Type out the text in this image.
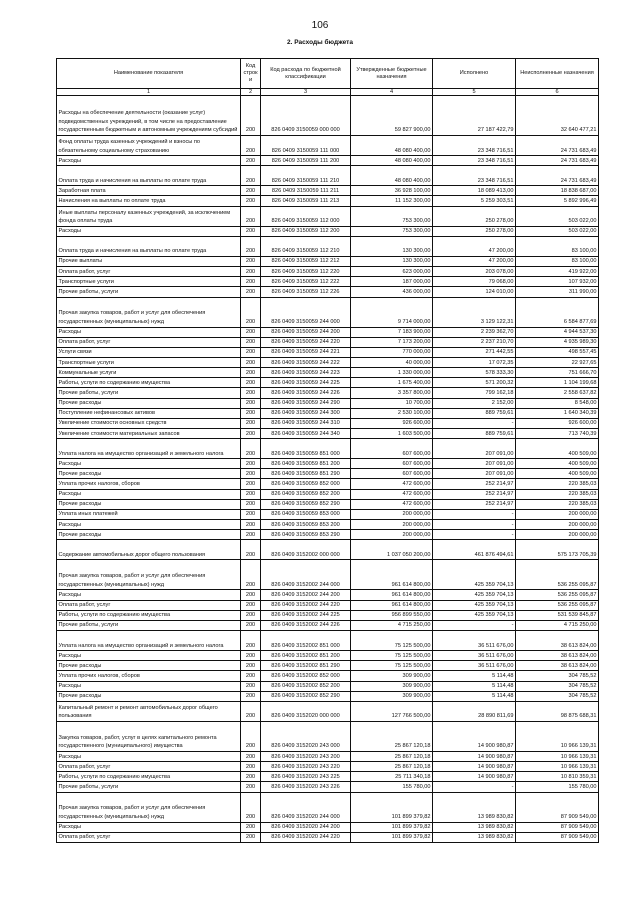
106
2. Расходы бюджета
Наименование показателя	Код строк и	Код расхода по бюджетной классификации	Утвержденные бюджетные назначения	Исполнено	Неисполненные назначения
1	2	3	4	5	6
Расходы на обеспечение деятельности (оказание услуг) подведомственных учреждений, в том числе на предоставление государственным бюджетным и автономным учреждениям субсидий	200	826 0409 3150059 000 000	59 827 900,00	27 187 422,79	32 640 477,21
Фонд оплаты труда казенных учреждений и взносы по обязательному социальному страхованию	200	826 0409 3150059 111 000	48 080 400,00	23 348 716,51	24 731 683,49
Расходы	200	826 0409 3150059 111 200	48 080 400,00	23 348 716,51	24 731 683,49
Оплата труда и начисления на выплаты по оплате труда	200	826 0409 3150059 111 210	48 080 400,00	23 348 716,51	24 731 683,49
Заработная плата	200	826 0409 3150059 111 211	36 928 100,00	18 089 413,00	18 838 687,00
Начисления на выплаты по оплате труда	200	826 0409 3150059 111 213	11 152 300,00	5 259 303,51	5 892 996,49
Иные выплаты персоналу казенных учреждений, за исключением фонда оплаты труда	200	826 0409 3150059 112 000	753 300,00	250 278,00	503 022,00
Расходы	200	826 0409 3150059 112 200	753 300,00	250 278,00	503 022,00
Оплата труда и начисления на выплаты по оплате труда	200	826 0409 3150059 112 210	130 300,00	47 200,00	83 100,00
Прочие выплаты	200	826 0409 3150059 112 212	130 300,00	47 200,00	83 100,00
Оплата работ, услуг	200	826 0409 3150059 112 220	623 000,00	203 078,00	419 922,00
Транспортные услуги	200	826 0409 3150059 112 222	187 000,00	79 068,00	107 932,00
Прочие работы, услуги	200	826 0409 3150059 112 226	436 000,00	124 010,00	311 990,00
Прочая закупка товаров, работ и услуг для обеспечения государственных (муниципальных) нужд	200	826 0409 3150059 244 000	9 714 000,00	3 129 122,31	6 584 877,69
Расходы	200	826 0409 3150059 244 200	7 183 900,00	2 239 362,70	4 944 537,30
Оплата работ, услуг	200	826 0409 3150059 244 220	7 173 200,00	2 237 210,70	4 935 989,30
Услуги связи	200	826 0409 3150059 244 221	770 000,00	271 442,55	498 557,45
Транспортные услуги	200	826 0409 3150059 244 222	40 000,00	17 072,35	22 927,65
Коммунальные услуги	200	826 0409 3150059 244 223	1 330 000,00	578 333,30	751 666,70
Работы, услуги по содержанию имущества	200	826 0409 3150059 244 225	1 675 400,00	571 200,32	1 104 199,68
Прочие работы, услуги	200	826 0409 3150059 244 226	3 357 800,00	799 162,18	2 558 637,82
Прочие расходы	200	826 0409 3150059 244 290	10 700,00	2 152,00	8 548,00
Поступление нефинансовых активов	200	826 0409 3150059 244 300	2 530 100,00	889 759,61	1 640 340,39
Увеличение стоимости основных средств	200	826 0409 3150059 244 310	926 600,00	-	926 600,00
Увеличение стоимости материальных запасов	200	826 0409 3150059 244 340	1 603 500,00	889 759,61	713 740,39
Уплата налога на имущество организаций и земельного налога	200	826 0409 3150059 851 000	607 600,00	207 091,00	400 509,00
Расходы	200	826 0409 3150059 851 200	607 600,00	207 091,00	400 509,00
Прочие расходы	200	826 0409 3150059 851 290	607 600,00	207 091,00	400 509,00
Уплата прочих налогов, сборов	200	826 0409 3150059 852 000	472 600,00	252 214,97	220 385,03
Расходы	200	826 0409 3150059 852 200	472 600,00	252 214,97	220 385,03
Прочие расходы	200	826 0409 3150059 852 290	472 600,00	252 214,97	220 385,03
Уплата иных платежей	200	826 0409 3150059 853 000	200 000,00	-	200 000,00
Расходы	200	826 0409 3150059 853 200	200 000,00	-	200 000,00
Прочие расходы	200	826 0409 3150059 853 290	200 000,00	-	200 000,00
Содержание автомобильных дорог общего пользования	200	826 0409 3152002 000 000	1 037 050 200,00	461 876 494,61	575 173 705,39
Прочая закупка товаров, работ и услуг для обеспечения государственных (муниципальных) нужд	200	826 0409 3152002 244 000	961 614 800,00	425 359 704,13	536 255 095,87
Расходы	200	826 0409 3152002 244 200	961 614 800,00	425 359 704,13	536 255 095,87
Оплата работ, услуг	200	826 0409 3152002 244 220	961 614 800,00	425 359 704,13	536 255 095,87
Работы, услуги по содержанию имущества	200	826 0409 3152002 244 225	956 899 550,00	425 359 704,13	531 539 845,87
Прочие работы, услуги	200	826 0409 3152002 244 226	4 715 250,00	-	4 715 250,00
Уплата налога на имущество организаций и земельного налога	200	826 0409 3152002 851 000	75 125 500,00	36 511 676,00	38 613 824,00
Расходы	200	826 0409 3152002 851 200	75 125 500,00	36 511 676,00	38 613 824,00
Прочие расходы	200	826 0409 3152002 851 290	75 125 500,00	36 511 676,00	38 613 824,00
Уплата прочих налогов, сборов	200	826 0409 3152002 852 000	309 900,00	5 114,48	304 785,52
Расходы	200	826 0409 3152002 852 200	309 900,00	5 114,48	304 785,52
Прочие расходы	200	826 0409 3152002 852 290	309 900,00	5 114,48	304 785,52
Капитальный ремонт и ремонт автомобильных дорог общего пользования	200	826 0409 3152020 000 000	127 766 500,00	28 890 811,69	98 875 688,31
Закупка товаров, работ, услуг в целях капитального ремонта государственного (муниципального) имущества	200	826 0409 3152020 243 000	25 867 120,18	14 900 980,87	10 966 139,31
Расходы	200	826 0409 3152020 243 200	25 867 120,18	14 900 980,87	10 966 139,31
Оплата работ, услуг	200	826 0409 3152020 243 220	25 867 120,18	14 900 980,87	10 966 139,31
Работы, услуги по содержанию имущества	200	826 0409 3152020 243 225	25 711 340,18	14 900 980,87	10 810 359,31
Прочие работы, услуги	200	826 0409 3152020 243 226	155 780,00	-	155 780,00
Прочая закупка товаров, работ и услуг для обеспечения государственных (муниципальных) нужд	200	826 0409 3152020 244 000	101 899 379,82	13 989 830,82	87 909 549,00
Расходы	200	826 0409 3152020 244 200	101 899 379,82	13 989 830,82	87 909 549,00
Оплата работ, услуг	200	826 0409 3152020 244 220	101 899 379,82	13 989 830,82	87 909 549,00
